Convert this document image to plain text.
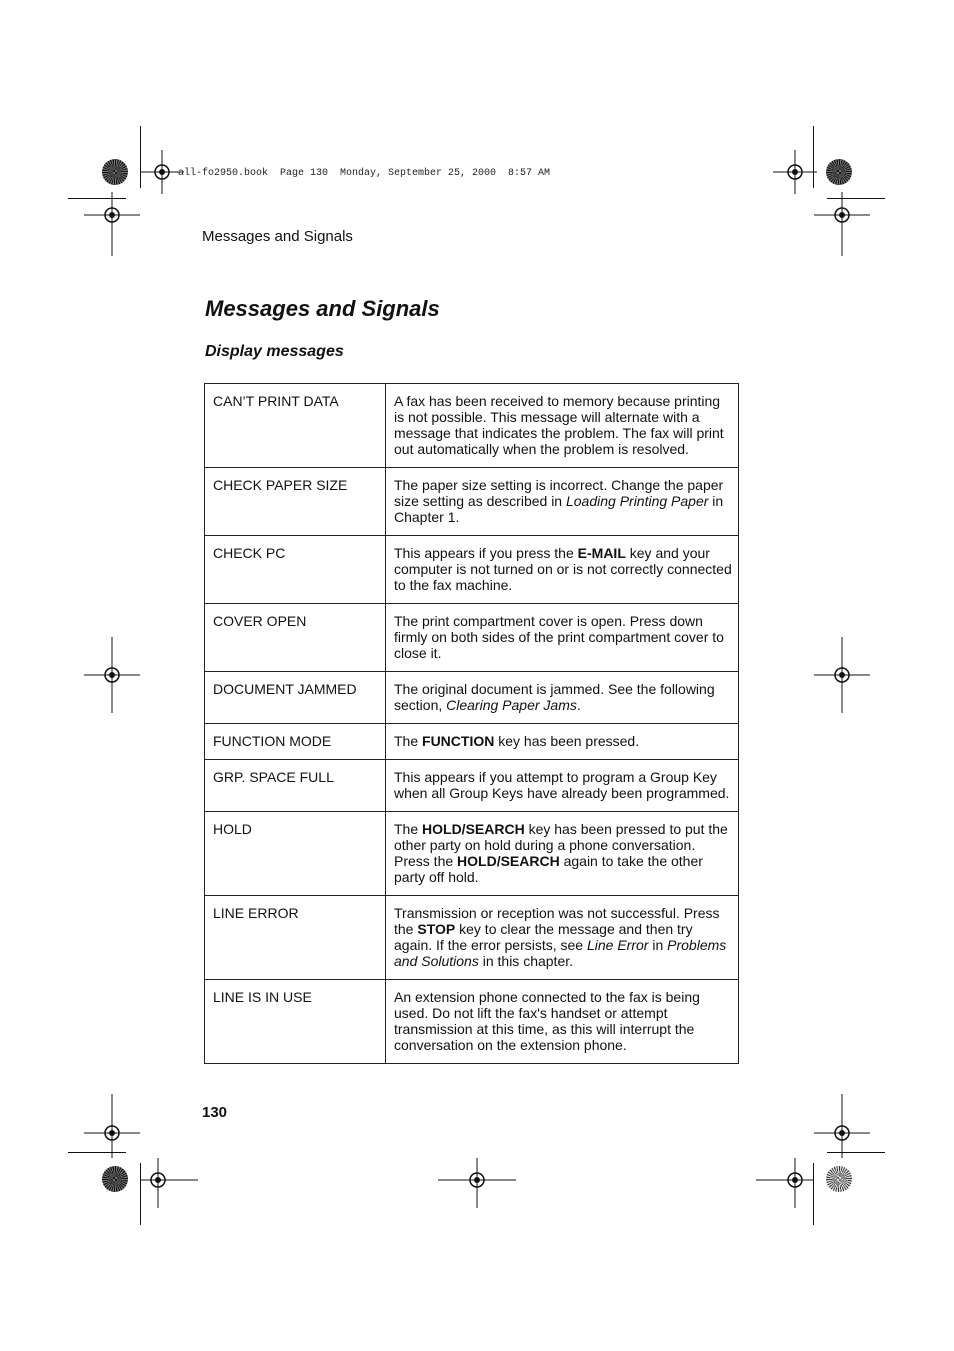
all-fo2950.book  Page 130  Monday, September 25, 2000  8:57 AM
Messages and Signals
Messages and Signals
Display messages
CAN’T PRINT DATA	A fax has been received to memory because printing is not possible. This message will alternate with a message that indicates the problem. The fax will print out automatically when the problem is resolved.
CHECK PAPER SIZE	The paper size setting is incorrect. Change the paper size setting as described in Loading Printing Paper in Chapter 1.
CHECK PC	This appears if you press the E-MAIL key and your computer is not turned on or is not correctly connected to the fax machine.
COVER OPEN	The print compartment cover is open. Press down firmly on both sides of the print compartment cover to close it.
DOCUMENT JAMMED	The original document is jammed. See the following section, Clearing Paper Jams.
FUNCTION MODE	The FUNCTION key has been pressed.
GRP. SPACE FULL	This appears if you attempt to program a Group Key when all Group Keys have already been programmed.
HOLD	The HOLD/SEARCH key has been pressed to put the other party on hold during a phone conversation. Press the HOLD/SEARCH again to take the other party off hold.
LINE ERROR	Transmission or reception was not successful. Press the STOP key to clear the message and then try again. If the error persists, see Line Error in Problems and Solutions in this chapter.
LINE IS IN USE	An extension phone connected to the fax is being used. Do not lift the fax's handset or attempt transmission at this time, as this will interrupt the conversation on the extension phone.
130
